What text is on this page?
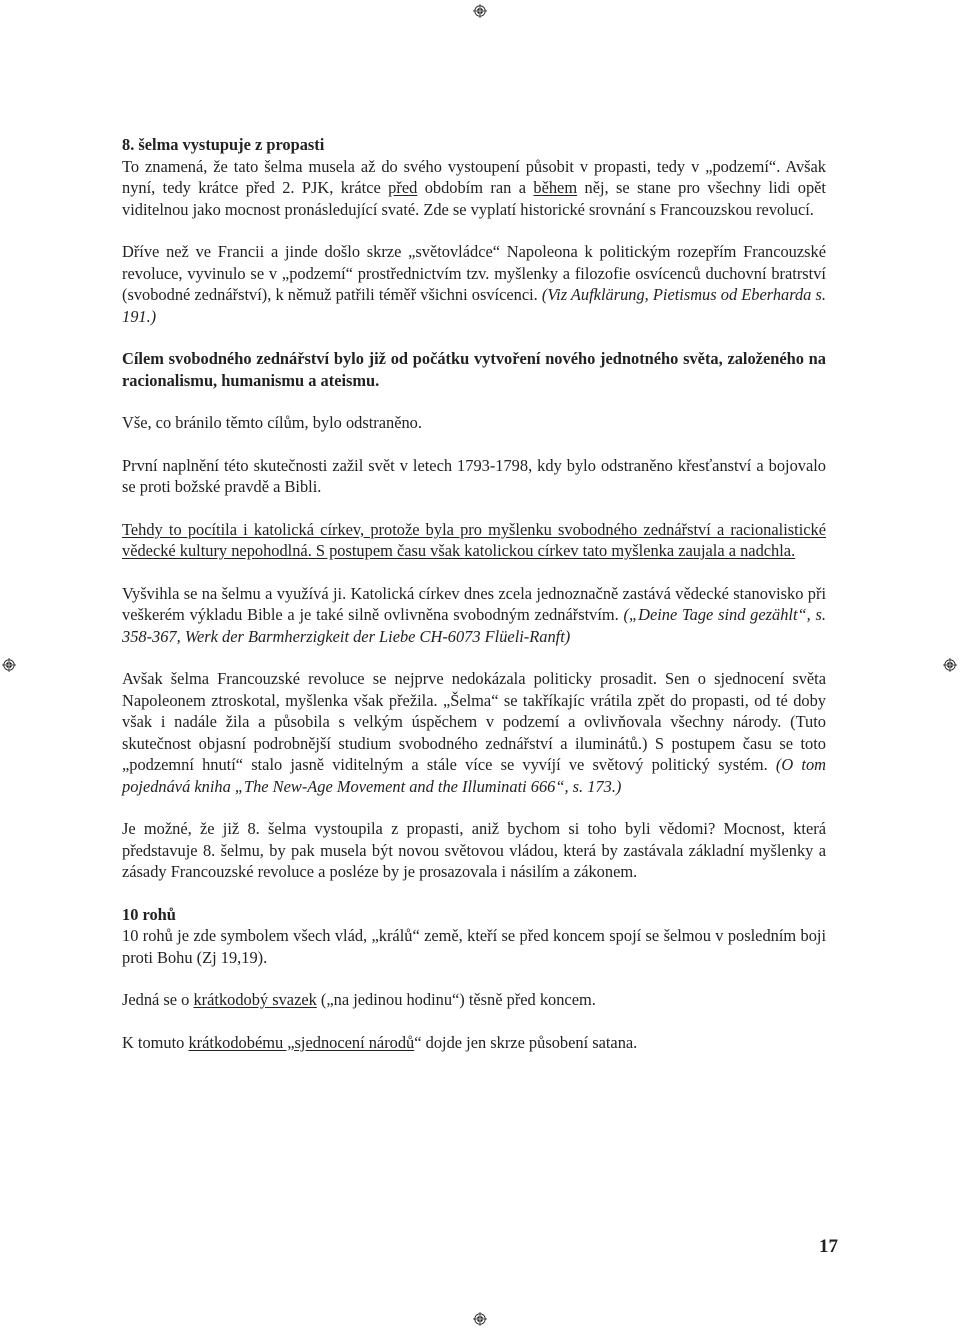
8. šelma vystupuje z propasti
To znamená, že tato šelma musela až do svého vystoupení působit v propasti, tedy v „podzemí“. Avšak nyní, tedy krátce před 2. PJK, krátce před obdobím ran a během něj, se stane pro všechny lidi opět viditelnou jako mocnost pronásledující svaté. Zde se vyplatí historické srovnání s Francouzskou revolucí.

Dříve než ve Francii a jinde došlo skrze „světovládce“ Napoleona k politickým rozepřím Francouzské revoluce, vyvinulo se v „podzemí“ prostřednictvím tzv. myšlenky a filozofie osvícenců duchovní bratrství (svobodné zednářství), k němuž patřili téměř všichni osvícenci. (Viz Aufklärung, Pietismus od Eberharda s. 191.)

Cílem svobodného zednářství bylo již od počátku vytvoření nového jednotného světa, založeného na racionalismu, humanismu a ateismu.

Vše, co bránilo těmto cílům, bylo odstraněno.

První naplnění této skutečnosti zažil svět v letech 1793-1798, kdy bylo odstraněno křesťanství a bojovalo se proti božské pravdě a Bibli.

Tehdy to pocítila i katolická církev, protože byla pro myšlenku svobodného zednářství a racionalistické vědecké kultury nepohodlná. S postupem času však katolickou církev tato myšlenka zaujala a nadchla.

Vyšvihla se na šelmu a využívá ji. Katolická církev dnes zcela jednoznačně zastává vědecké stanovisko při veškerém výkladu Bible a je také silně ovlivněna svobodným zednářstvím. („Deine Tage sind gezählt“, s. 358-367, Werk der Barmherzigkeit der Liebe CH-6073 Flüeli-Ranft)

Avšak šelma Francouzské revoluce se nejprve nedokázala politicky prosadit. Sen o sjednocení světa Napoleonem ztroskotal, myšlenka však přežila. „Šelma“ se takříkajíc vrátila zpět do propasti, od té doby však i nadále žila a působila s velkým úspěchem v podzemí a ovlivňovala všechny národy. (Tuto skutečnost objasní podrobnější studium svobodného zednářství a iluminátů.) S postupem času se toto „podzemní hnutí“ stalo jasně viditelným a stále více se vyvíjí ve světový politický systém. (O tom pojednává kniha „The New-Age Movement and the Illuminati 666“, s. 173.)

Je možné, že již 8. šelma vystoupila z propasti, aniž bychom si toho byli vědomi? Mocnost, která představuje 8. šelmu, by pak musela být novou světovou vládou, která by zastávala základní myšlenky a zásady Francouzské revoluce a posléze by je prosazovala i násilím a zákonem.

10 rohů
10 rohů je zde symbolem všech vlád, „králů“ země, kteří se před koncem spojí se šelmou v posledním boji proti Bohu (Zj 19,19).

Jedná se o krátkodobý svazek („na jedinou hodinu“) těsně před koncem.

K tomuto krátkodobému „sjednocení národů“ dojde jen skrze působení satana.

17
